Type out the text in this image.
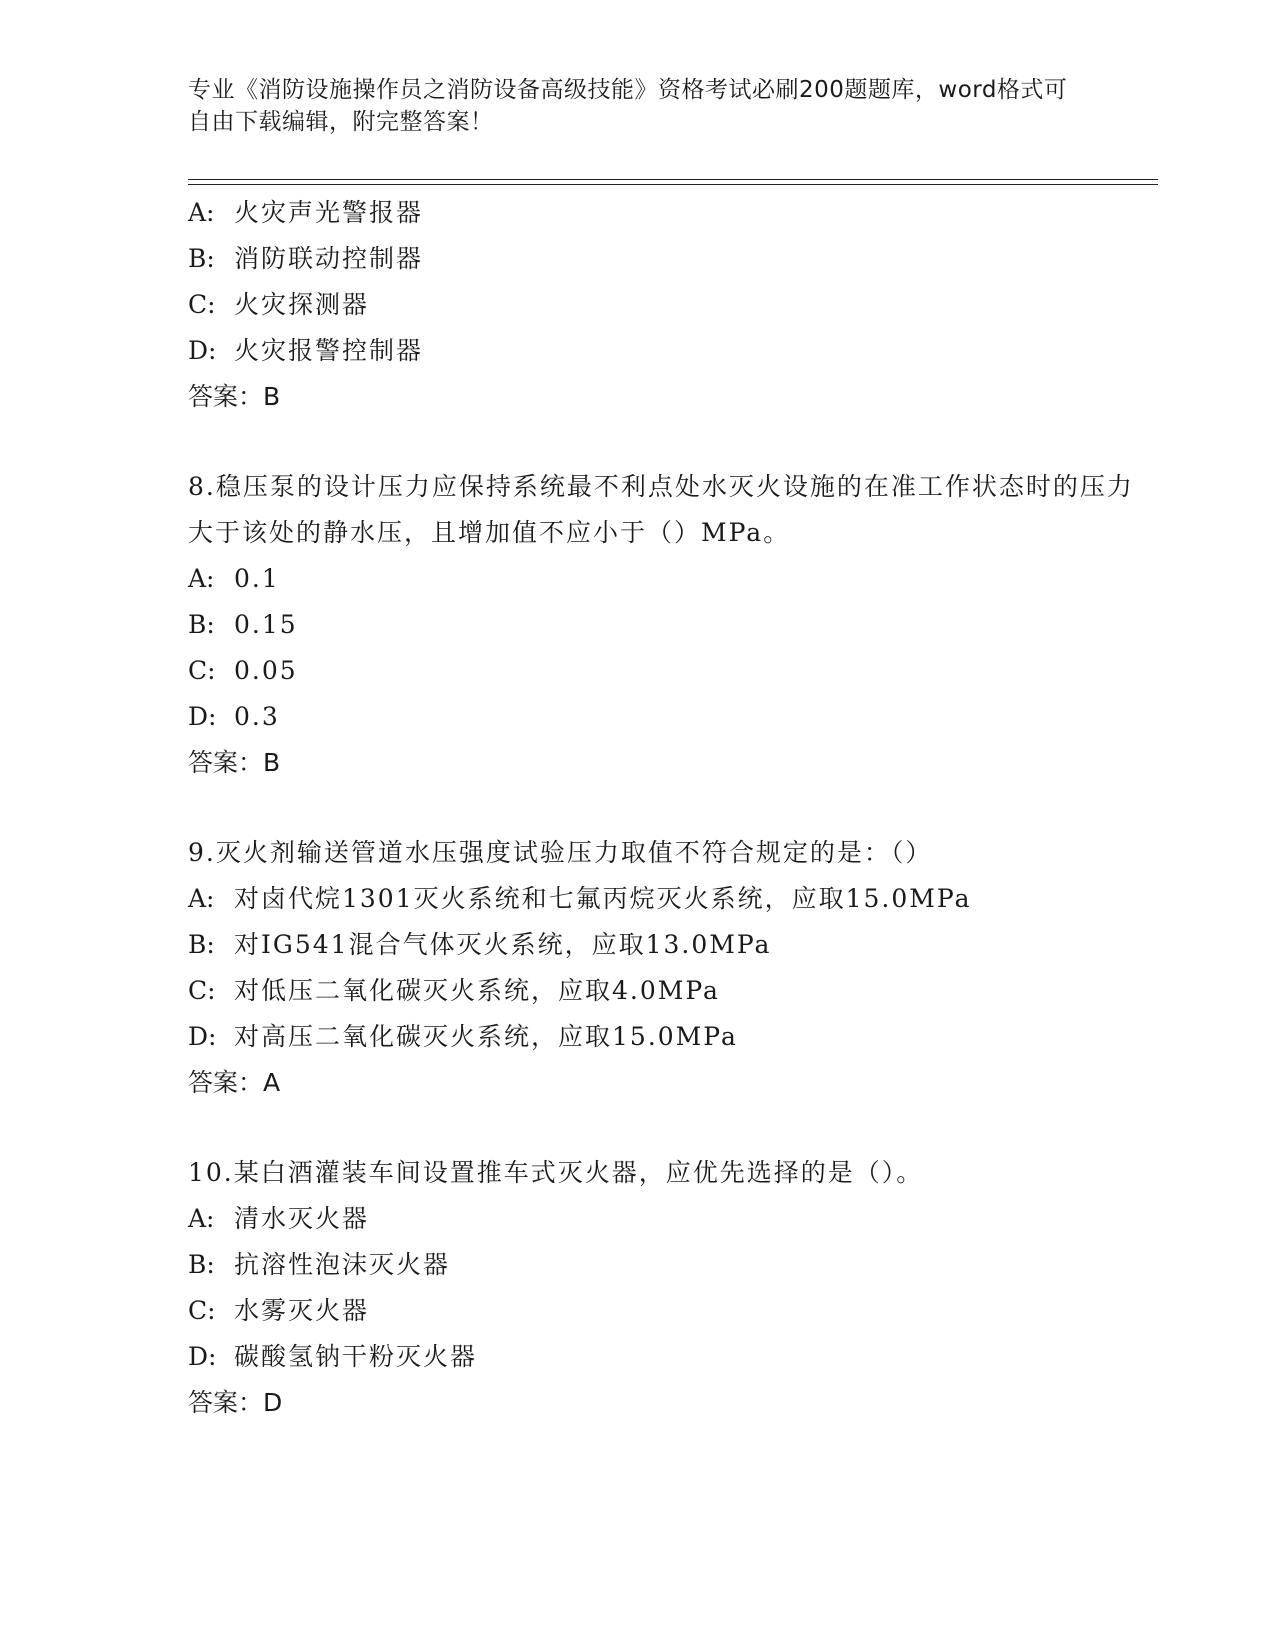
专业《消防设施操作员之消防设备高级技能》资格考试必刷200题题库，word格式可自由下载编辑，附完整答案！
A: 火灾声光警报器
B: 消防联动控制器
C: 火灾探测器
D: 火灾报警控制器
答案：B
8.稳压泵的设计压力应保持系统最不利点处水灭火设施的在准工作状态时的压力大于该处的静水压，且增加值不应小于（）MPa。
A: 0.1
B: 0.15
C: 0.05
D: 0.3
答案：B
9.灭火剂输送管道水压强度试验压力取值不符合规定的是：（）
A: 对卤代烷1301灭火系统和七氟丙烷灭火系统，应取15.0MPa
B: 对IG541混合气体灭火系统，应取13.0MPa
C: 对低压二氧化碳灭火系统，应取4.0MPa
D: 对高压二氧化碳灭火系统，应取15.0MPa
答案：A
10.某白酒灌装车间设置推车式灭火器，应优先选择的是（）。
A: 清水灭火器
B: 抗溶性泡沫灭火器
C: 水雾灭火器
D: 碳酸氢钠干粉灭火器
答案：D
